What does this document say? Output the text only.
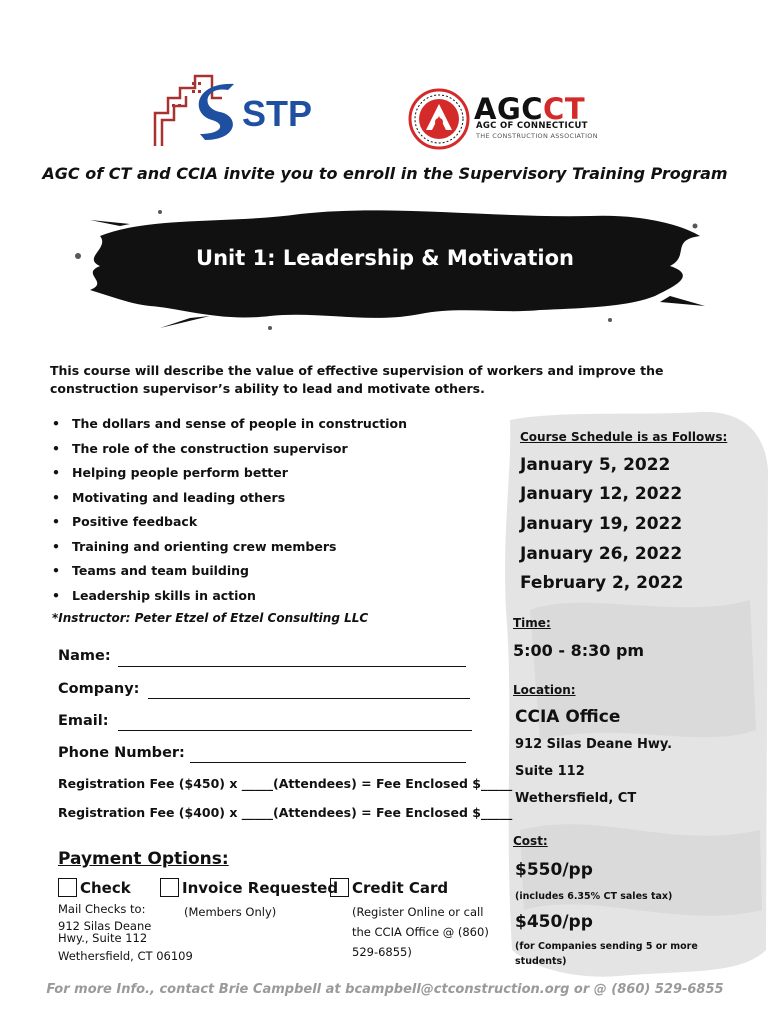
STP	AGCCT
AGC OF CONNECTICUT
THE CONSTRUCTION ASSOCIATION
AGC of CT and CCIA invite you to enroll in the Supervisory Training Program
Unit 1: Leadership & Motivation
This course will describe the value of effective supervision of workers and improve the construction supervisor’s ability to lead and motivate others.
• The dollars and sense of people in construction
• The role of the construction supervisor
• Helping people perform better
• Motivating and leading others
• Positive feedback
• Training and orienting crew members
• Teams and team building
• Leadership skills in action
*Instructor: Peter Etzel of Etzel Consulting LLC
Course Schedule is as Follows:
January 5, 2022
January 12, 2022
January 19, 2022
January 26, 2022
February 2, 2022
Time:
5:00 - 8:30 pm
Location:
CCIA Office
912 Silas Deane Hwy.
Suite 112
Wethersfield, CT
Cost:
$550/pp
(includes 6.35% CT sales tax)
$450/pp
(for Companies sending 5 or more students)
Name:
Company:
Email:
Phone Number:
Registration Fee ($450) x _____(Attendees) = Fee Enclosed $_____
Registration Fee ($400) x _____(Attendees) = Fee Enclosed $_____
Payment Options:
Check	Invoice Requested Credit Card
Mail Checks to:
912 Silas Deane Hwy., Suite 112
Wethersfield, CT 06109
(Members Only)	(Register Online or call the CCIA Office @ (860) 529-6855)
For more Info., contact Brie Campbell at bcampbell@ctconstruction.org or @ (860) 529-6855
